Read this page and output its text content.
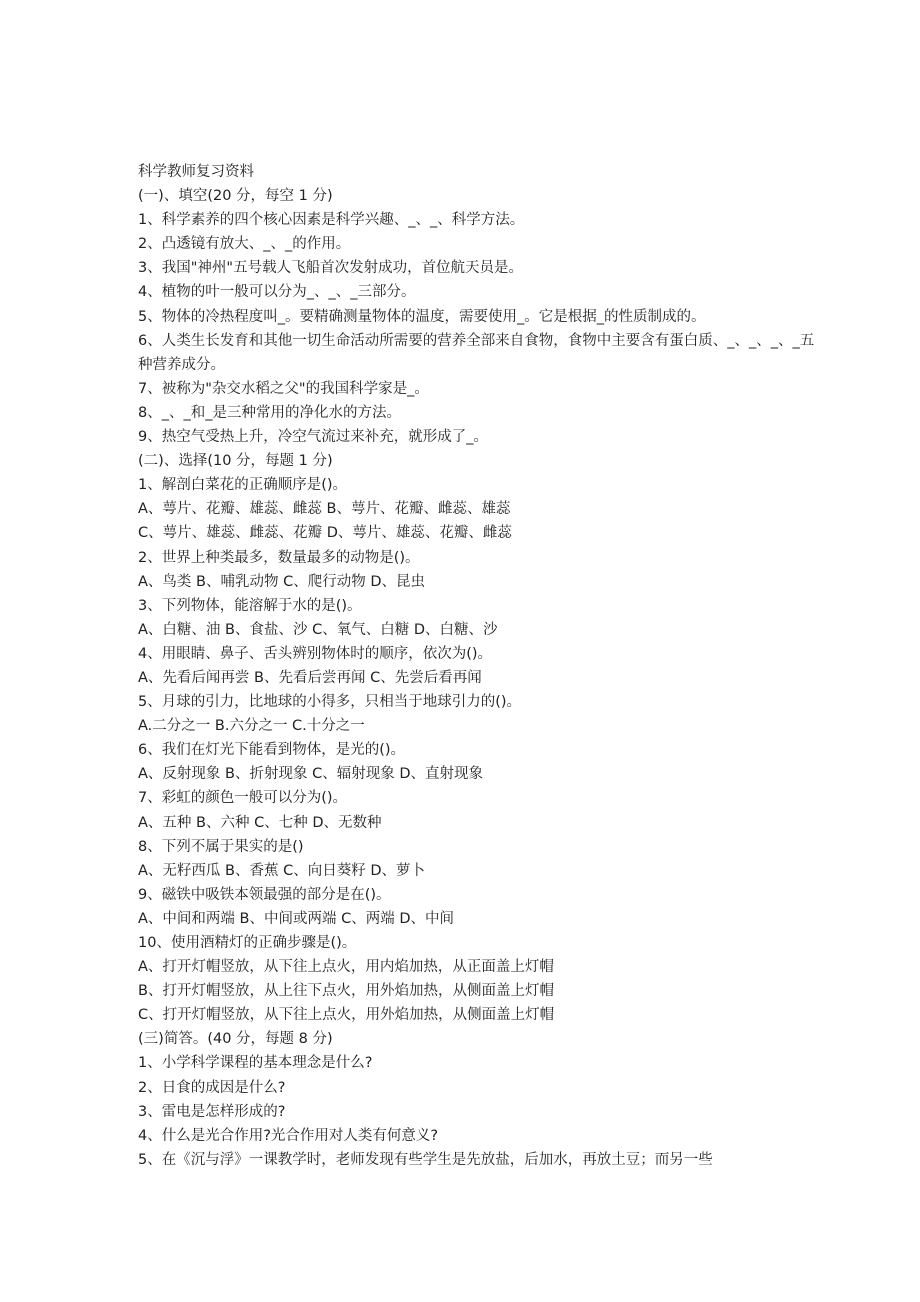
科学教师复习资料

(一)、填空(20 分，每空 1 分)

1、科学素养的四个核心因素是科学兴趣、_、_、科学方法。

2、凸透镜有放大、_、_的作用。

3、我国"神州"五号载人飞船首次发射成功，首位航天员是。

4、植物的叶一般可以分为_、_、_三部分。

5、物体的冷热程度叫_。要精确测量物体的温度，需要使用_。它是根据_的性质制成的。

6、人类生长发育和其他一切生命活动所需要的营养全部来自食物，食物中主要含有蛋白质、_、_、_、_五种营养成分。

7、被称为"杂交水稻之父"的我国科学家是_。

8、_、_和_是三种常用的净化水的方法。

9、热空气受热上升，冷空气流过来补充，就形成了_。

(二)、选择(10 分，每题 1 分)

1、解剖白菜花的正确顺序是()。

A、萼片、花瓣、雄蕊、雌蕊 B、萼片、花瓣、雌蕊、雄蕊

C、萼片、雄蕊、雌蕊、花瓣 D、萼片、雄蕊、花瓣、雌蕊

2、世界上种类最多，数量最多的动物是()。

A、鸟类 B、哺乳动物 C、爬行动物 D、昆虫

3、下列物体，能溶解于水的是()。

A、白糖、油 B、食盐、沙 C、氧气、白糖 D、白糖、沙

4、用眼睛、鼻子、舌头辨别物体时的顺序，依次为()。

A、先看后闻再尝 B、先看后尝再闻 C、先尝后看再闻

5、月球的引力，比地球的小得多，只相当于地球引力的()。

A.二分之一 B.六分之一 C.十分之一

6、我们在灯光下能看到物体，是光的()。

A、反射现象 B、折射现象 C、辐射现象 D、直射现象

7、彩虹的颜色一般可以分为()。

A、五种 B、六种 C、七种 D、无数种

8、下列不属于果实的是()

A、无籽西瓜 B、香蕉 C、向日葵籽 D、萝卜

9、磁铁中吸铁本领最强的部分是在()。

A、中间和两端 B、中间或两端 C、两端 D、中间

10、使用酒精灯的正确步骤是()。

A、打开灯帽竖放，从下往上点火，用内焰加热，从正面盖上灯帽

B、打开灯帽竖放，从上往下点火，用外焰加热，从侧面盖上灯帽

C、打开灯帽竖放，从下往上点火，用外焰加热，从侧面盖上灯帽

(三)简答。(40 分，每题 8 分)

1、小学科学课程的基本理念是什么?

2、日食的成因是什么?

3、雷电是怎样形成的?

4、什么是光合作用?光合作用对人类有何意义?

5、在《沉与浮》一课教学时，老师发现有些学生是先放盐，后加水，再放土豆；而另一些
